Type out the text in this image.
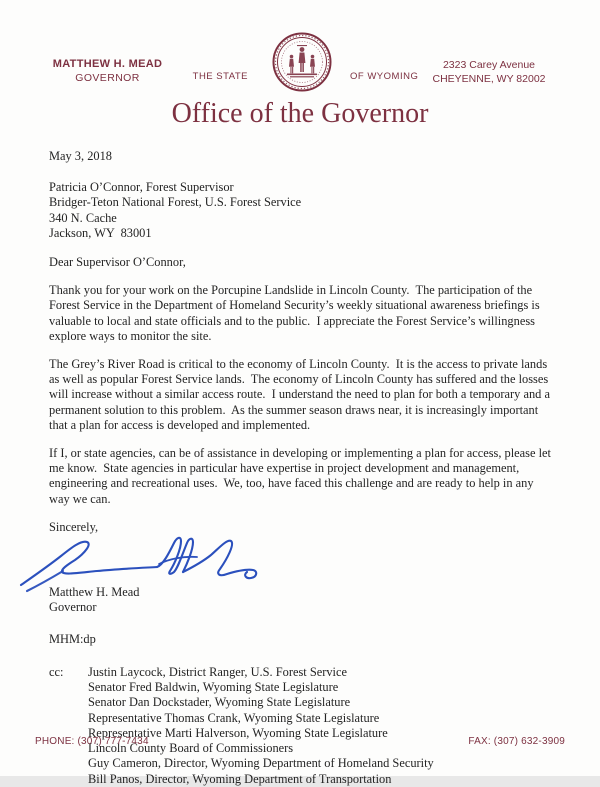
MATTHEW H. MEAD
GOVERNOR	THE STATE	OF WYOMING
2323 Carey Avenue
CHEYENNE, WY 82002
Office of the Governor
May 3, 2018
Patricia O’Connor, Forest Supervisor
Bridger-Teton National Forest, U.S. Forest Service
340 N. Cache
Jackson, WY  83001
Dear Supervisor O’Connor,

Thank you for your work on the Porcupine Landslide in Lincoln County.  The participation of the Forest Service in the Department of Homeland Security’s weekly situational awareness briefings is valuable to local and state officials and to the public.  I appreciate the Forest Service’s willingness explore ways to monitor the site.

The Grey’s River Road is critical to the economy of Lincoln County.  It is the access to private lands as well as popular Forest Service lands.  The economy of Lincoln County has suffered and the losses will increase without a similar access route.  I understand the need to plan for both a temporary and a permanent solution to this problem.  As the summer season draws near, it is increasingly important that a plan for access is developed and implemented.

If I, or state agencies, can be of assistance in developing or implementing a plan for access, please let me know.  State agencies in particular have expertise in project development and management, engineering and recreational uses.  We, too, have faced this challenge and are ready to help in any way we can.

Sincerely,
Matthew H. Mead
Governor
MHM:dp
cc:	Justin Laycock, District Ranger, U.S. Forest Service
Senator Fred Baldwin, Wyoming State Legislature
Senator Dan Dockstader, Wyoming State Legislature
Representative Thomas Crank, Wyoming State Legislature
Representative Marti Halverson, Wyoming State Legislature
Lincoln County Board of Commissioners
Guy Cameron, Director, Wyoming Department of Homeland Security
Bill Panos, Director, Wyoming Department of Transportation
PHONE: (307) 777-7434	FAX: (307) 632-3909
